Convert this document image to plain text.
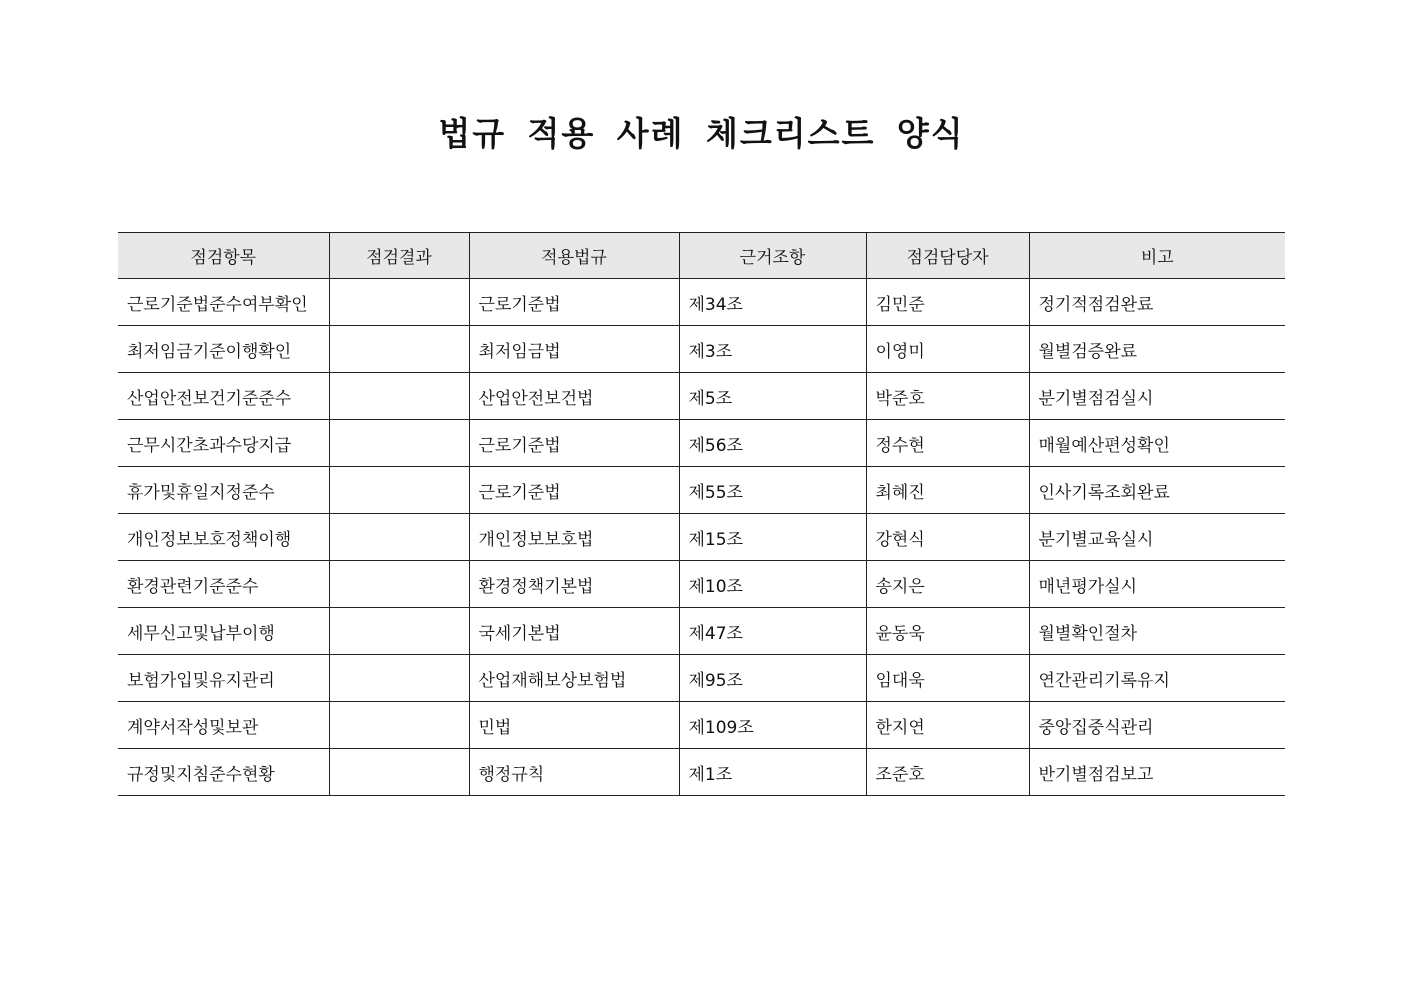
법규 적용 사례 체크리스트 양식
점검항목	점검결과	적용법규	근거조항	점검담당자	비고
근로기준법준수여부확인		근로기준법	제34조	김민준	정기적점검완료
최저임금기준이행확인		최저임금법	제3조	이영미	월별검증완료
산업안전보건기준준수		산업안전보건법	제5조	박준호	분기별점검실시
근무시간초과수당지급		근로기준법	제56조	정수현	매월예산편성확인
휴가및휴일지정준수		근로기준법	제55조	최혜진	인사기록조회완료
개인정보보호정책이행		개인정보보호법	제15조	강현식	분기별교육실시
환경관련기준준수		환경정책기본법	제10조	송지은	매년평가실시
세무신고및납부이행		국세기본법	제47조	윤동욱	월별확인절차
보험가입및유지관리		산업재해보상보험법	제95조	임대욱	연간관리기록유지
계약서작성및보관		민법	제109조	한지연	중앙집중식관리
규정및지침준수현황		행정규칙	제1조	조준호	반기별점검보고
